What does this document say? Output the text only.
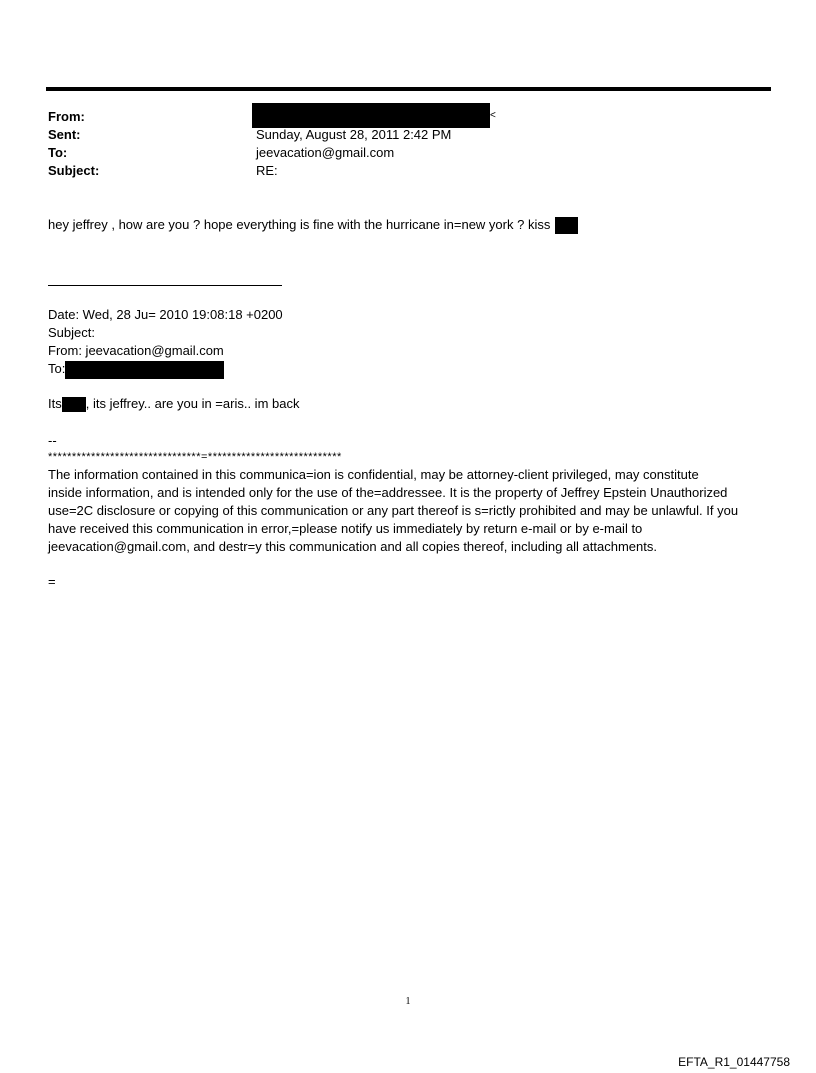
From:	<
Sent:	Sunday, August 28, 2011 2:42 PM
To:	jeevacation@gmail.com
Subject:	RE:
hey jeffrey , how are you ? hope everything is fine with the hurricane in=new york ? kiss
Date: Wed, 28 Ju= 2010 19:08:18 +0200
Subject:
From: jeevacation@gmail.com
To:
Its , its jeffrey.. are you in =aris.. im back
--
********************************=****************************
The information contained in this communica=ion is confidential, may be attorney-client privileged, may constitute
inside information, and is intended only for the use of the=addressee. It is the property of Jeffrey Epstein Unauthorized
use=2C disclosure or copying of this communication or any part thereof is s=rictly prohibited and may be unlawful. If you
have received this communication in error,=please notify us immediately by return e-mail or by e-mail to
jeevacation@gmail.com, and destr=y this communication and all copies thereof, including all attachments.
=
1
EFTA_R1_01447758
